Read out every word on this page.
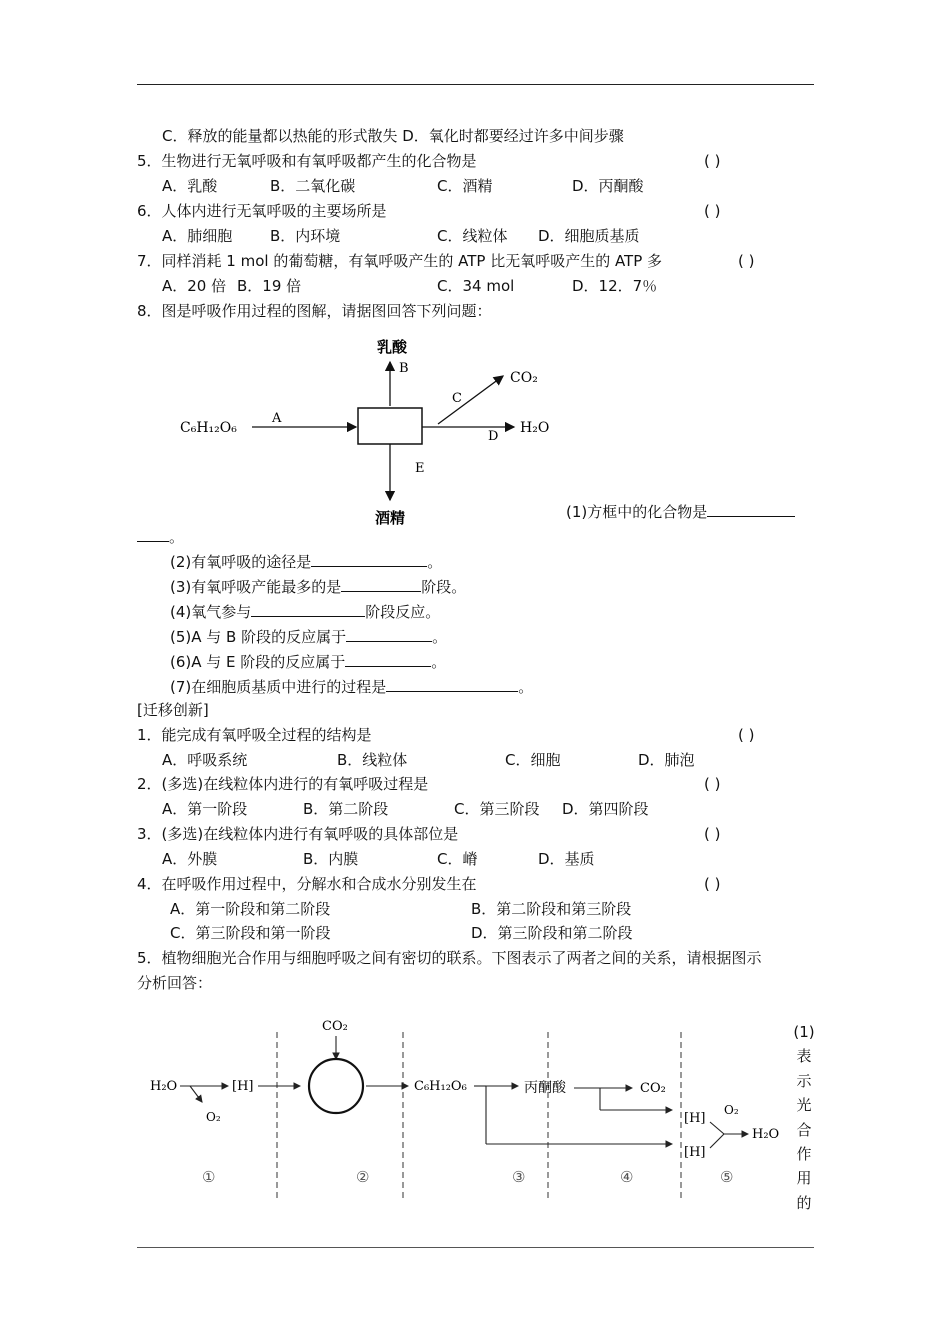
C．释放的能量都以热能的形式散失 D．氧化时都要经过许多中间步骤
5．生物进行无氧呼吸和有氧呼吸都产生的化合物是	( )
A．乳酸	B．二氧化碳	C．酒精	D．丙酮酸
6．人体内进行无氧呼吸的主要场所是	( )
A．肺细胞	B．内环境	C．线粒体 D．细胞质基质
7．同样消耗 1 mol 的葡萄糖，有氧呼吸产生的 ATP 比无氧呼吸产生的 ATP 多	( )
A．20 倍 B．19 倍	C．34 mol	D．12．7％
8．图是呼吸作用过程的图解，请据图回答下列问题：
乳酸
B
C₆H₁₂O₆
A
C
CO₂
D
H₂O
E
酒精	(1)方框中的化合物是
。
(2)有氧呼吸的途径是	。
(3)有氧呼吸产能最多的是	阶段。
(4)氧气参与	阶段反应。
(5)A 与 B 阶段的反应属于	。
(6)A 与 E 阶段的反应属于	。
(7)在细胞质基质中进行的过程是	。
[迁移创新]
1．能完成有氧呼吸全过程的结构是	( )
A．呼吸系统	B．线粒体	C．细胞	D．肺泡
2．(多选)在线粒体内进行的有氧呼吸过程是	( )
A．第一阶段	B．第二阶段	C．第三阶段 D．第四阶段
3．(多选)在线粒体内进行有氧呼吸的具体部位是	( )
A．外膜	B．内膜	C．嵴	D．基质
4．在呼吸作用过程中，分解水和合成水分别发生在	( )
A．第一阶段和第二阶段	B．第二阶段和第三阶段
C．第三阶段和第一阶段	D．第三阶段和第二阶段
5．植物细胞光合作用与细胞呼吸之间有密切的联系。下图表示了两者之间的关系，请根据图示
分析回答：
H₂O
O₂
[H]
CO₂
C₆H₁₂O₆	丙酮酸	CO₂
[H]
[H]
O₂
H₂O
①	②	③	④	⑤
(1)
表
示
光
合
作
用
的
